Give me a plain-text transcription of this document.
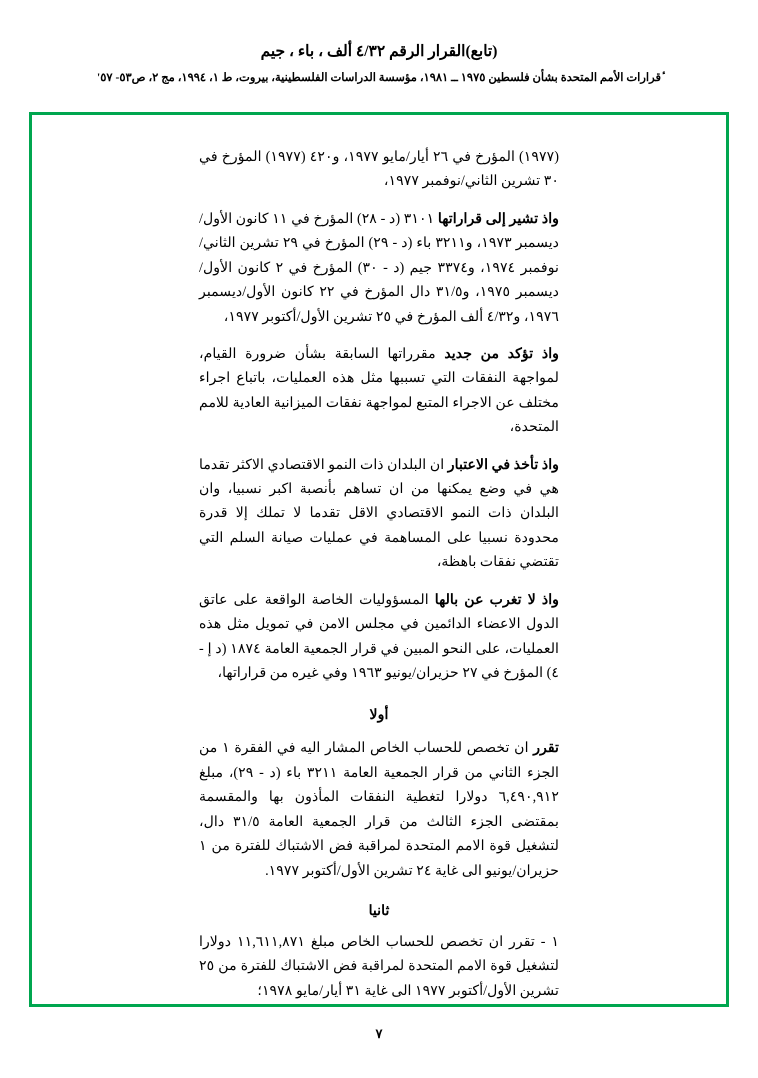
(تابع)القرار الرقم ٤/٣٢ ألف ، باء ، جيم
ٔقرارات الأمم المتحدة بشأن فلسطين ١٩٧٥ ــ ١٩٨١، مؤسسة الدراسات الفلسطينية، بيروت، ط ١، ١٩٩٤، مج ٢، ص٥٣- ٥٧'

(١٩٧٧) المؤرخ في ٢٦ أيار/مايو ١٩٧٧، و٤٢٠ (١٩٧٧) المؤرخ في ٣٠ تشرين الثاني/نوفمبر ١٩٧٧،

واذ تشير إلى قراراتها ٣١٠١ (د - ٢٨) المؤرخ في ١١ كانون الأول/ديسمبر ١٩٧٣، و٣٢١١ باء (د - ٢٩) المؤرخ في ٢٩ تشرين الثاني/نوفمبر ١٩٧٤، و٣٣٧٤ جيم (د - ٣٠) المؤرخ في ٢ كانون الأول/ديسمبر ١٩٧٥، و٣١/٥ دال المؤرخ في ٢٢ كانون الأول/ديسمبر ١٩٧٦، و٤/٣٢ ألف المؤرخ في ٢٥ تشرين الأول/أكتوبر ١٩٧٧،

واذ تؤكد من جديد مقرراتها السابقة بشأن ضرورة القيام، لمواجهة النفقات التي تسببها مثل هذه العمليات، باتباع اجراء مختلف عن الاجراء المتبع لمواجهة نفقات الميزانية العادية للامم المتحدة،

واذ تأخذ في الاعتبار ان البلدان ذات النمو الاقتصادي الاكثر تقدما هي في وضع يمكنها من ان تساهم بأنصبة اكبر نسبيا، وان البلدان ذات النمو الاقتصادي الاقل تقدما لا تملك إلا قدرة محدودة نسبيا على المساهمة في عمليات صيانة السلم التي تقتضي نفقات باهظة،

واذ لا تغرب عن بالها المسؤوليات الخاصة الواقعة على عاتق الدول الاعضاء الدائمين في مجلس الامن في تمويل مثل هذه العمليات، على النحو المبين في قرار الجمعية العامة ١٨٧٤ (د إ - ٤) المؤرخ في ٢٧ حزيران/يونيو ١٩٦٣ وفي غيره من قراراتها،

أولا

تقرر ان تخصص للحساب الخاص المشار اليه في الفقرة ١ من الجزء الثاني من قرار الجمعية العامة ٣٢١١ باء (د - ٢٩)، مبلغ ٦,٤٩٠,٩١٢ دولارا لتغطية النفقات المأذون بها والمقسمة بمقتضى الجزء الثالث من قرار الجمعية العامة ٣١/٥ دال، لتشغيل قوة الامم المتحدة لمراقبة فض الاشتباك للفترة من ١ حزيران/يونيو الى غاية ٢٤ تشرين الأول/أكتوبر ١٩٧٧.

ثانيا

١ - تقرر ان تخصص للحساب الخاص مبلغ ١١,٦١١,٨٧١ دولارا لتشغيل قوة الامم المتحدة لمراقبة فض الاشتباك للفترة من ٢٥ تشرين الأول/أكتوبر ١٩٧٧ الى غاية ٣١ أيار/مايو ١٩٧٨؛

٧
